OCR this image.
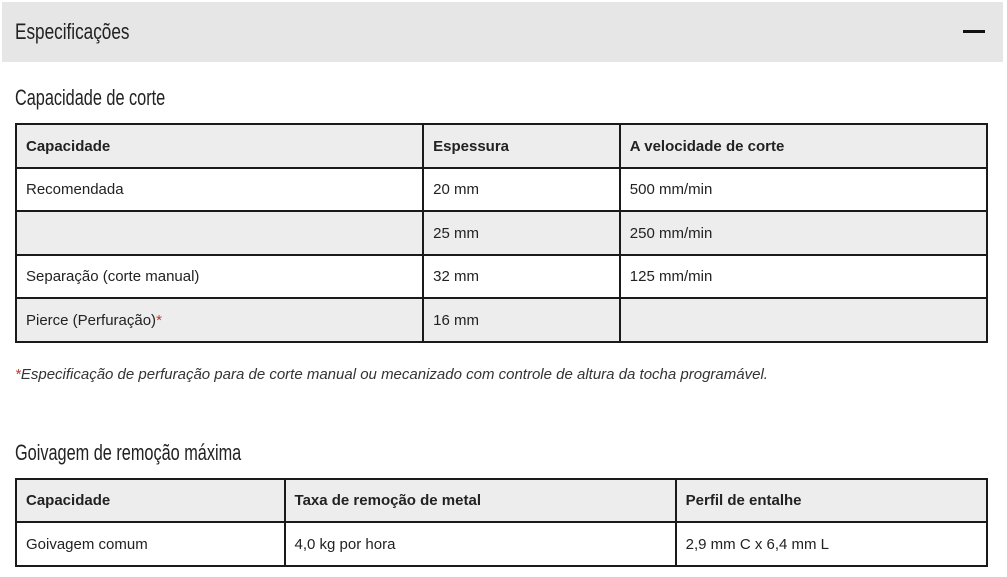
Especificações
Capacidade de corte
Capacidade	Espessura	A velocidade de corte
Recomendada	20 mm	500 mm/min
	25 mm	250 mm/min
Separação (corte manual)	32 mm	125 mm/min
Pierce (Perfuração)*	16 mm	
*Especificação de perfuração para de corte manual ou mecanizado com controle de altura da tocha programável.
Goivagem de remoção máxima
Capacidade	Taxa de remoção de metal	Perfil de entalhe
Goivagem comum	4,0 kg por hora	2,9 mm C x 6,4 mm L
